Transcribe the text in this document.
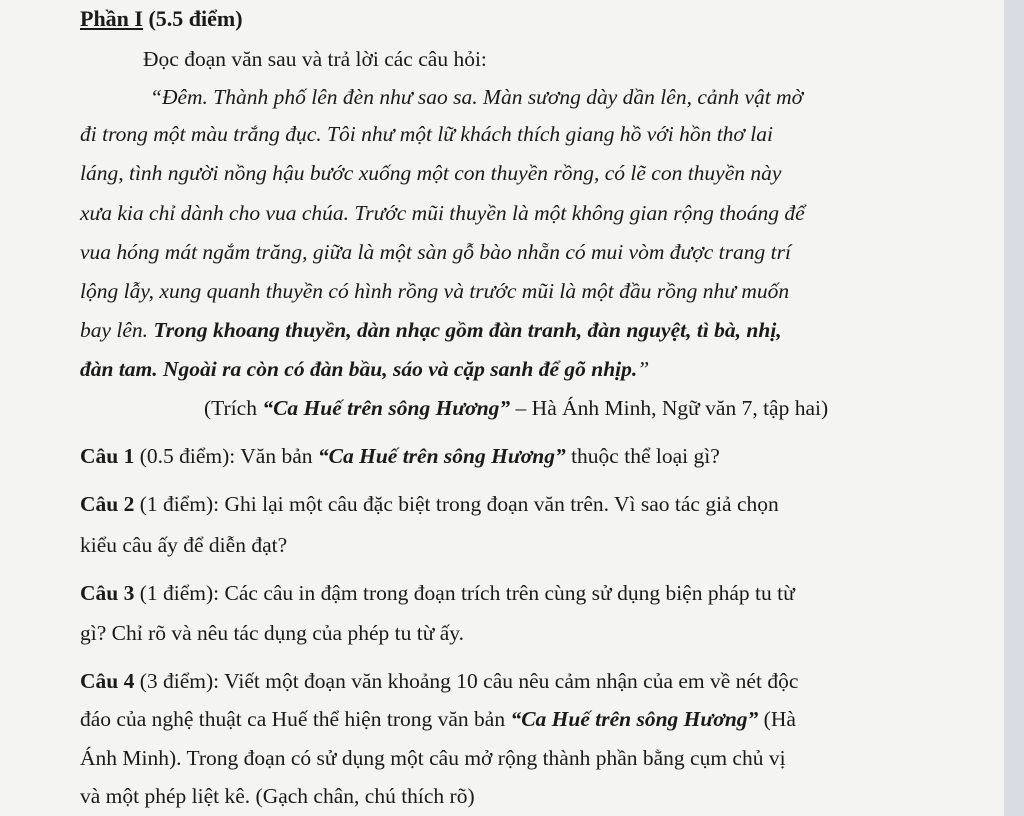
Phần I (5.5 điểm)
Đọc đoạn văn sau và trả lời các câu hỏi:
“Đêm. Thành phố lên đèn như sao sa. Màn sương dày dần lên, cảnh vật mờ
đi trong một màu trắng đục. Tôi như một lữ khách thích giang hồ với hồn thơ lai
láng, tình người nồng hậu bước xuống một con thuyền rồng, có lẽ con thuyền này
xưa kia chỉ dành cho vua chúa. Trước mũi thuyền là một không gian rộng thoáng để
vua hóng mát ngắm trăng, giữa là một sàn gỗ bào nhẵn có mui vòm được trang trí
lộng lẫy, xung quanh thuyền có hình rồng và trước mũi là một đầu rồng như muốn
bay lên. Trong khoang thuyền, dàn nhạc gồm đàn tranh, đàn nguyệt, tì bà, nhị,
đàn tam. Ngoài ra còn có đàn bầu, sáo và cặp sanh để gõ nhịp.”
(Trích “Ca Huế trên sông Hương” – Hà Ánh Minh, Ngữ văn 7, tập hai)
Câu 1 (0.5 điểm): Văn bản “Ca Huế trên sông Hương” thuộc thể loại gì?
Câu 2 (1 điểm): Ghi lại một câu đặc biệt trong đoạn văn trên. Vì sao tác giả chọn
kiểu câu ấy để diễn đạt?
Câu 3 (1 điểm): Các câu in đậm trong đoạn trích trên cùng sử dụng biện pháp tu từ
gì? Chỉ rõ và nêu tác dụng của phép tu từ ấy.
Câu 4 (3 điểm): Viết một đoạn văn khoảng 10 câu nêu cảm nhận của em về nét độc
đáo của nghệ thuật ca Huế thể hiện trong văn bản “Ca Huế trên sông Hương” (Hà
Ánh Minh). Trong đoạn có sử dụng một câu mở rộng thành phần bằng cụm chủ vị
và một phép liệt kê. (Gạch chân, chú thích rõ)
